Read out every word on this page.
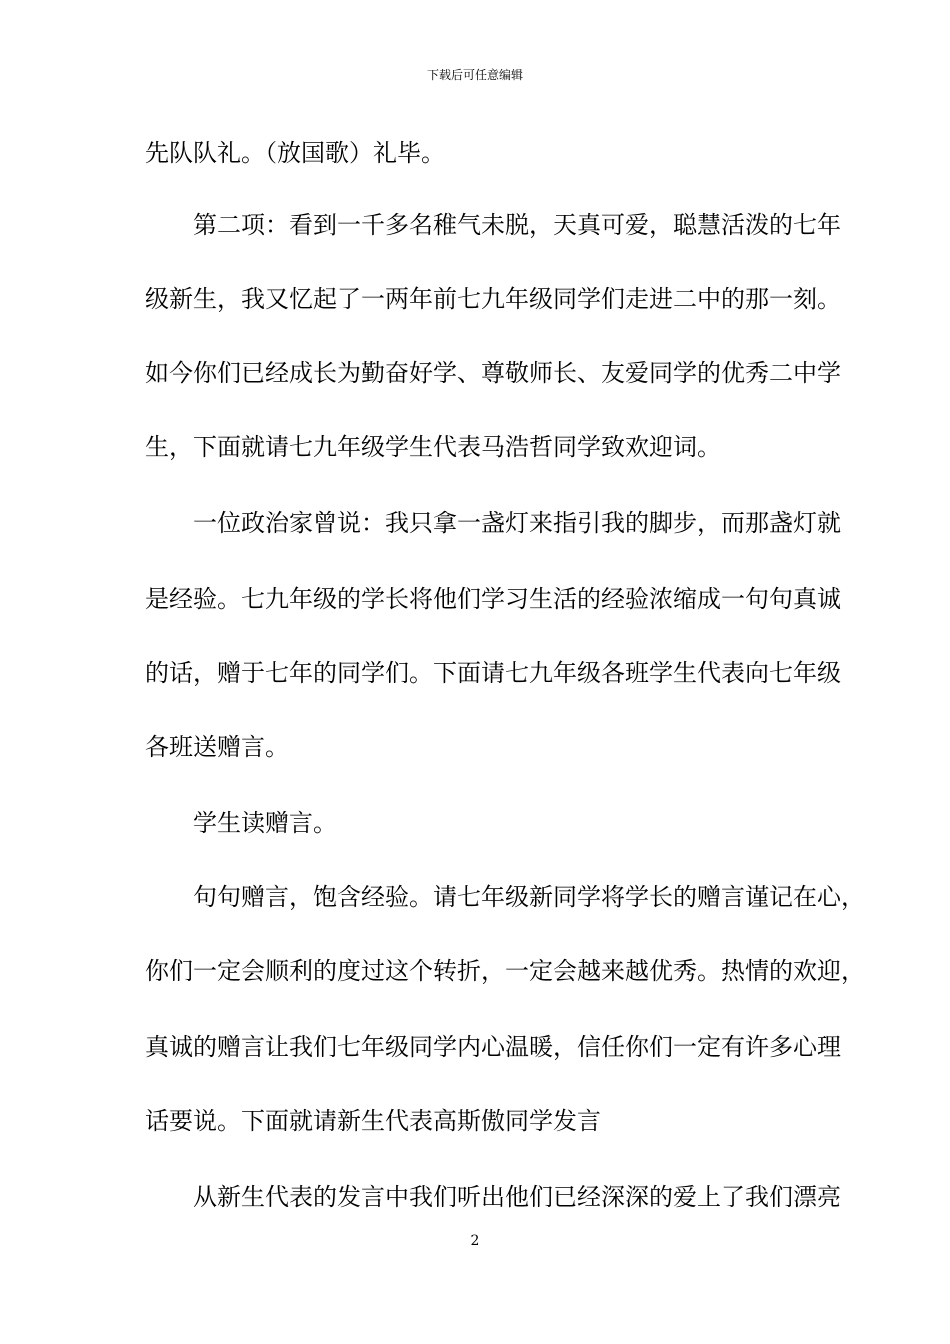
下载后可任意编辑
先队队礼。（放国歌）礼毕。
第二项：看到一千多名稚气未脱，天真可爱，聪慧活泼的七年
级新生，我又忆起了一两年前七九年级同学们走进二中的那一刻。
如今你们已经成长为勤奋好学、尊敬师长、友爱同学的优秀二中学
生，下面就请七九年级学生代表马浩哲同学致欢迎词。
一位政治家曾说：我只拿一盏灯来指引我的脚步，而那盏灯就
是经验。七九年级的学长将他们学习生活的经验浓缩成一句句真诚
的话，赠于七年的同学们。下面请七九年级各班学生代表向七年级
各班送赠言。
学生读赠言。
句句赠言，饱含经验。请七年级新同学将学长的赠言谨记在心，
你们一定会顺利的度过这个转折，一定会越来越优秀。热情的欢迎，
真诚的赠言让我们七年级同学内心温暖，信任你们一定有许多心理
话要说。下面就请新生代表高斯傲同学发言
从新生代表的发言中我们听出他们已经深深的爱上了我们漂亮
2
